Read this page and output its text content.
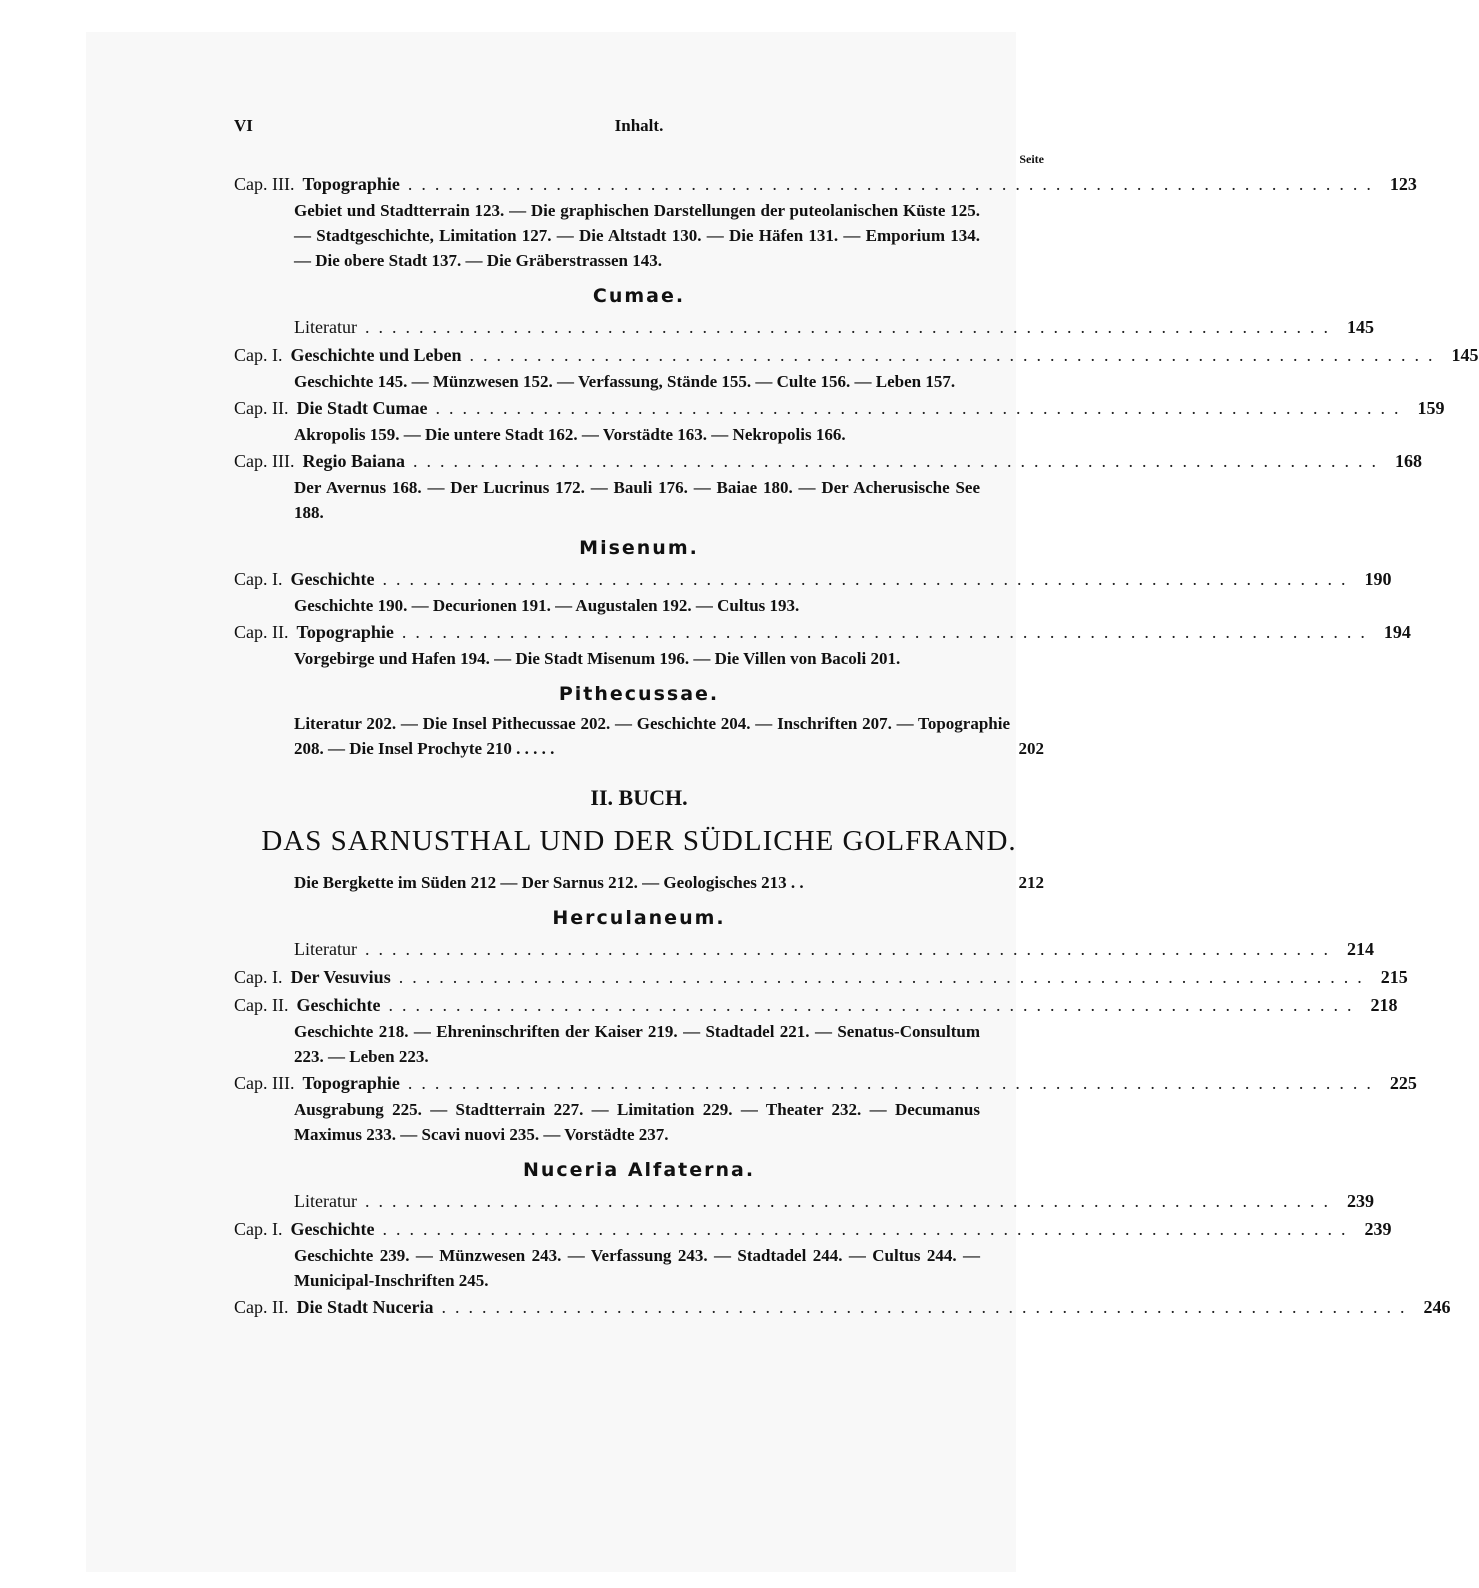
VI	Inhalt.
Seite
Cap. III. Topographie ........................................................................ 123
Gebiet und Stadtterrain 123. — Die graphischen Darstellungen der puteolanischen Küste 125. — Stadtgeschichte, Limitation 127. — Die Altstadt 130. — Die Häfen 131. — Emporium 134. — Die obere Stadt 137. — Die Gräberstrassen 143.
Cumae.
Literatur ........................................................................ 145
Cap. I. Geschichte und Leben ........................................................................ 145
Geschichte 145. — Münzwesen 152. — Verfassung, Stände 155. — Culte 156. — Leben 157.
Cap. II. Die Stadt Cumae ........................................................................ 159
Akropolis 159. — Die untere Stadt 162. — Vorstädte 163. — Nekropolis 166.
Cap. III. Regio Baiana ........................................................................ 168
Der Avernus 168. — Der Lucrinus 172. — Bauli 176. — Baiae 180. — Der Acherusische See 188.
Misenum.
Cap. I. Geschichte ........................................................................ 190
Geschichte 190. — Decurionen 191. — Augustalen 192. — Cultus 193.
Cap. II. Topographie ........................................................................ 194
Vorgebirge und Hafen 194. — Die Stadt Misenum 196. — Die Villen von Bacoli 201.
Pithecussae.
Literatur 202. — Die Insel Pithecussae 202. — Geschichte 204. — Inschriften 207. — Topographie 208. — Die Insel Prochyte 210 . . . . .	202
II. BUCH.
DAS SARNUSTHAL UND DER SÜDLICHE GOLFRAND.
Die Bergkette im Süden 212 — Der Sarnus 212. — Geologisches 213 . .	212
Herculaneum.
Literatur ........................................................................ 214
Cap. I. Der Vesuvius ........................................................................ 215
Cap. II. Geschichte ........................................................................ 218
Geschichte 218. — Ehreninschriften der Kaiser 219. — Stadtadel 221. — Senatus-Consultum 223. — Leben 223.
Cap. III. Topographie ........................................................................ 225
Ausgrabung 225. — Stadtterrain 227. — Limitation 229. — Theater 232. — Decumanus Maximus 233. — Scavi nuovi 235. — Vorstädte 237.
Nuceria Alfaterna.
Literatur ........................................................................ 239
Cap. I. Geschichte ........................................................................ 239
Geschichte 239. — Münzwesen 243. — Verfassung 243. — Stadtadel 244. — Cultus 244. — Municipal-Inschriften 245.
Cap. II. Die Stadt Nuceria ........................................................................ 246
